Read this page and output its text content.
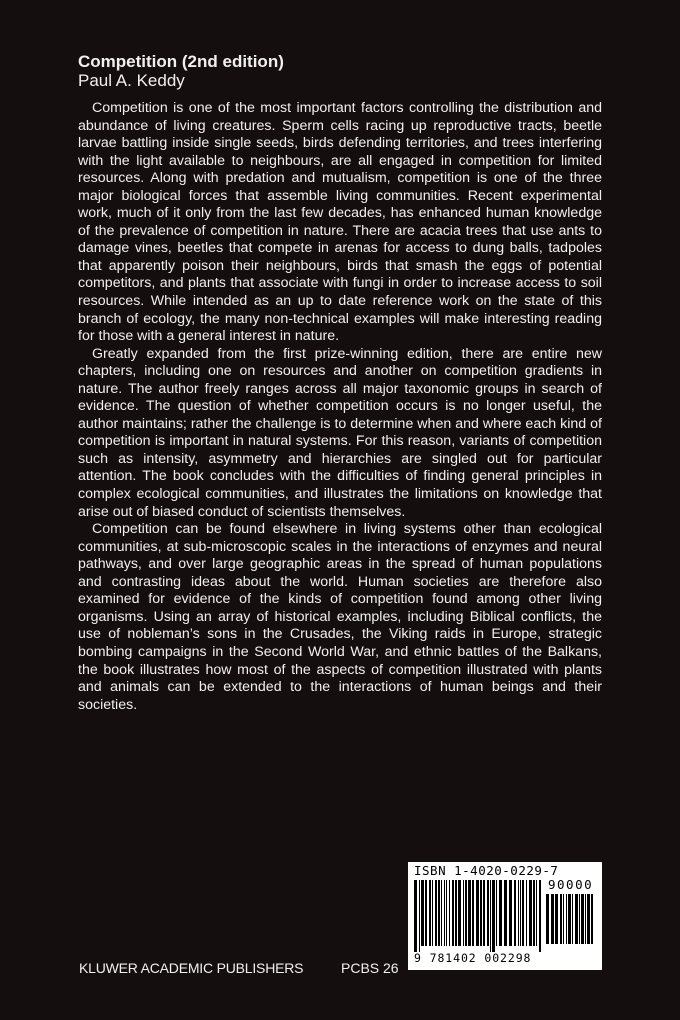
Competition (2nd edition)
Paul A. Keddy

Competition is one of the most important factors controlling the distribution and abundance of living creatures. Sperm cells racing up reproductive tracts, beetle larvae battling inside single seeds, birds defending territories, and trees interfering with the light available to neighbours, are all engaged in competition for limited resources. Along with predation and mutualism, competition is one of the three major biological forces that assemble living communities. Recent experimental work, much of it only from the last few decades, has enhanced human knowledge of the prevalence of competition in nature. There are acacia trees that use ants to damage vines, beetles that compete in arenas for access to dung balls, tadpoles that apparently poison their neighbours, birds that smash the eggs of potential competitors, and plants that associate with fungi in order to increase access to soil resources. While intended as an up to date reference work on the state of this branch of ecology, the many non-technical examples will make interesting reading for those with a general interest in nature.

Greatly expanded from the first prize-winning edition, there are entire new chapters, including one on resources and another on competition gradients in nature. The author freely ranges across all major taxonomic groups in search of evidence. The question of whether competition occurs is no longer useful, the author maintains; rather the challenge is to determine when and where each kind of competition is important in natural systems. For this reason, variants of competition such as intensity, asymmetry and hierarchies are singled out for particular attention. The book concludes with the difficulties of finding general principles in complex ecological communities, and illustrates the limitations on knowledge that arise out of biased conduct of scientists themselves.

Competition can be found elsewhere in living systems other than ecological communities, at sub-microscopic scales in the interactions of enzymes and neural pathways, and over large geographic areas in the spread of human populations and contrasting ideas about the world. Human societies are therefore also examined for evidence of the kinds of competition found among other living organisms. Using an array of historical examples, including Biblical conflicts, the use of nobleman’s sons in the Crusades, the Viking raids in Europe, strategic bombing campaigns in the Second World War, and ethnic battles of the Balkans, the book illustrates how most of the aspects of competition illustrated with plants and animals can be extended to the interactions of human beings and their societies.

KLUWER ACADEMIC PUBLISHERS	PCBS 26
ISBN 1-4020-0229-7
90000
9 781402 002298
